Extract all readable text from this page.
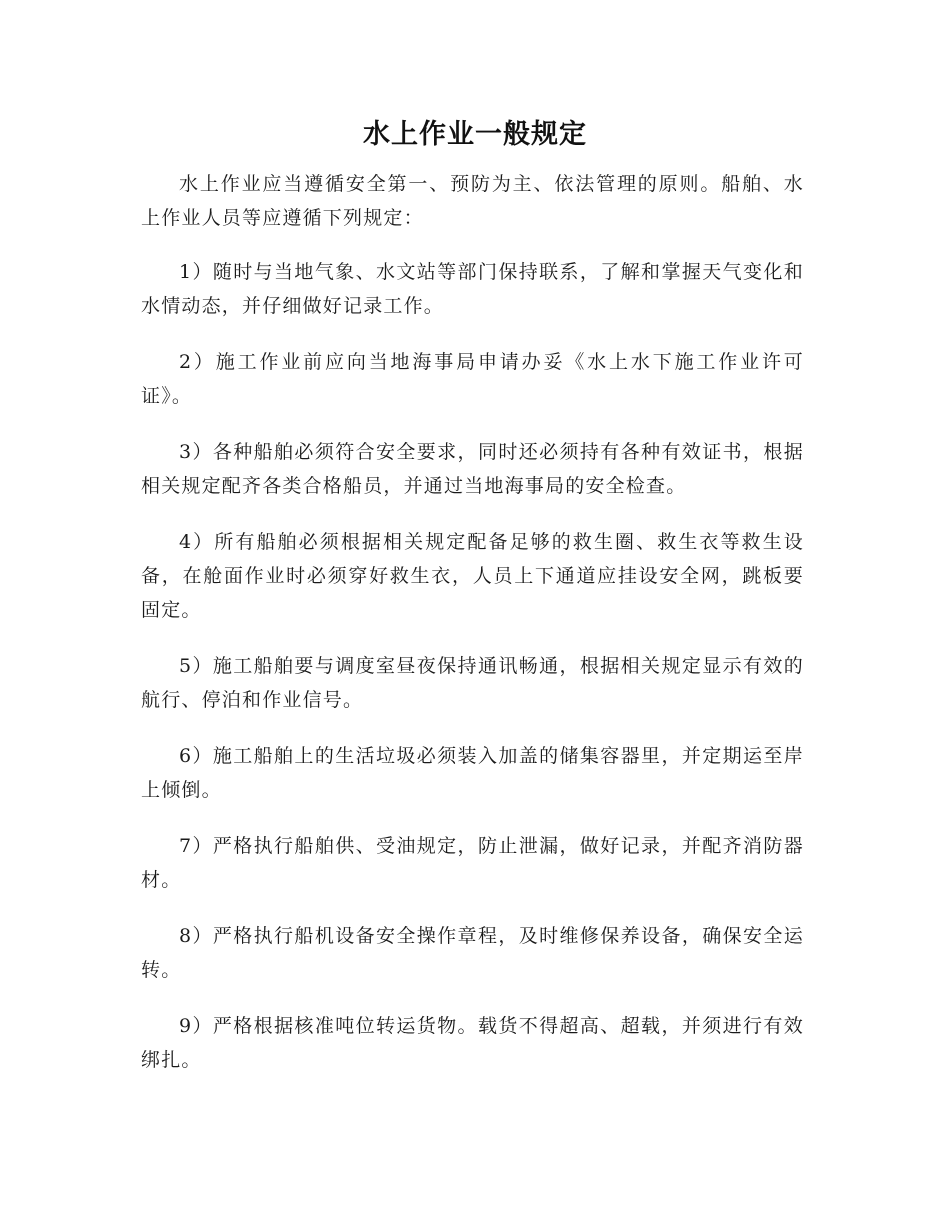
水上作业一般规定

水上作业应当遵循安全第一、预防为主、依法管理的原则。船舶、水上作业人员等应遵循下列规定：

1）随时与当地气象、水文站等部门保持联系，了解和掌握天气变化和水情动态，并仔细做好记录工作。

2）施工作业前应向当地海事局申请办妥《水上水下施工作业许可证》。

3）各种船舶必须符合安全要求，同时还必须持有各种有效证书，根据相关规定配齐各类合格船员，并通过当地海事局的安全检查。

4）所有船舶必须根据相关规定配备足够的救生圈、救生衣等救生设备，在舱面作业时必须穿好救生衣，人员上下通道应挂设安全网，跳板要固定。

5）施工船舶要与调度室昼夜保持通讯畅通，根据相关规定显示有效的航行、停泊和作业信号。

6）施工船舶上的生活垃圾必须装入加盖的储集容器里，并定期运至岸上倾倒。

7）严格执行船舶供、受油规定，防止泄漏，做好记录，并配齐消防器材。

8）严格执行船机设备安全操作章程，及时维修保养设备，确保安全运转。

9）严格根据核准吨位转运货物。载货不得超高、超载，并须进行有效绑扎。
